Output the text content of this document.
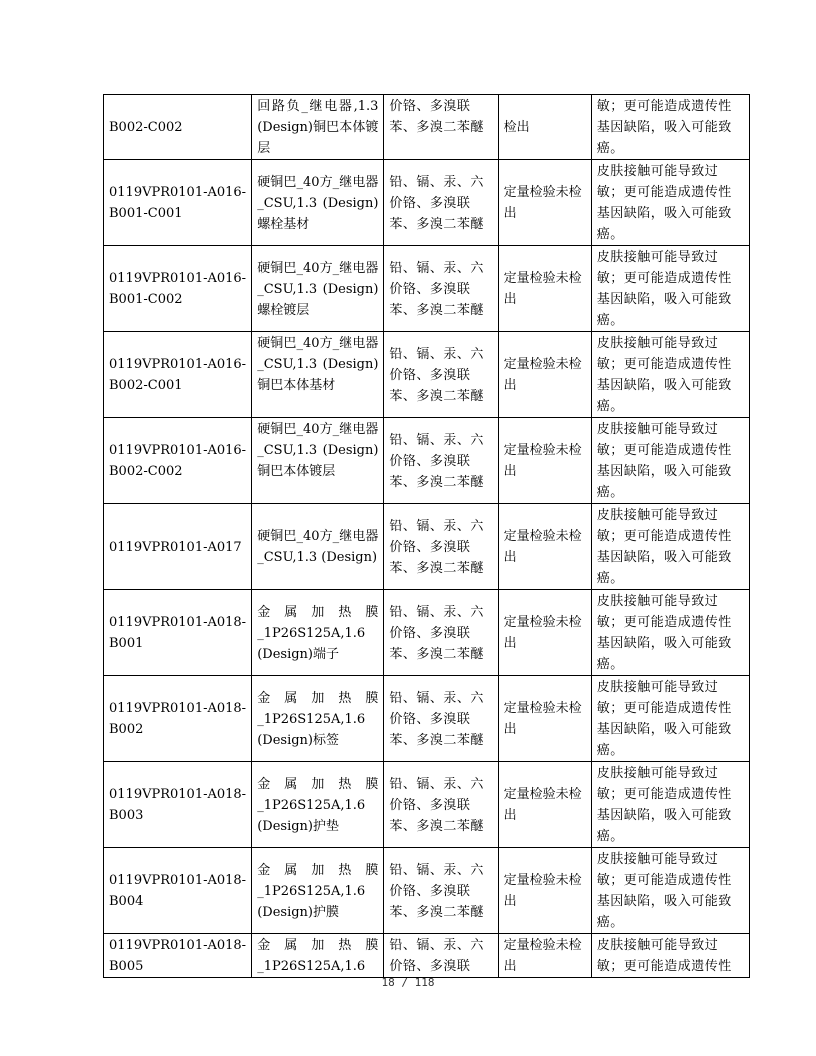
B002-C002	回路负_继电器,1.3 (Design)铜巴本体镀层	价铬、多溴联苯、多溴二苯醚	检出	敏；更可能造成遗传性基因缺陷，吸入可能致癌。
0119VPR0101-A016-B001-C001	硬铜巴_40方_继电器_CSU,1.3 (Design)螺栓基材	铅、镉、汞、六价铬、多溴联苯、多溴二苯醚	定量检验未检出	皮肤接触可能导致过敏；更可能造成遗传性基因缺陷，吸入可能致癌。
0119VPR0101-A016-B001-C002	硬铜巴_40方_继电器_CSU,1.3 (Design)螺栓镀层	铅、镉、汞、六价铬、多溴联苯、多溴二苯醚	定量检验未检出	皮肤接触可能导致过敏；更可能造成遗传性基因缺陷，吸入可能致癌。
0119VPR0101-A016-B002-C001	硬铜巴_40方_继电器_CSU,1.3 (Design)铜巴本体基材	铅、镉、汞、六价铬、多溴联苯、多溴二苯醚	定量检验未检出	皮肤接触可能导致过敏；更可能造成遗传性基因缺陷，吸入可能致癌。
0119VPR0101-A016-B002-C002	硬铜巴_40方_继电器_CSU,1.3 (Design)铜巴本体镀层	铅、镉、汞、六价铬、多溴联苯、多溴二苯醚	定量检验未检出	皮肤接触可能导致过敏；更可能造成遗传性基因缺陷，吸入可能致癌。
0119VPR0101-A017	硬铜巴_40方_继电器_CSU,1.3 (Design)	铅、镉、汞、六价铬、多溴联苯、多溴二苯醚	定量检验未检出	皮肤接触可能导致过敏；更可能造成遗传性基因缺陷，吸入可能致癌。
0119VPR0101-A018-B001	金属加热膜_1P26S125A,1.6 (Design)端子	铅、镉、汞、六价铬、多溴联苯、多溴二苯醚	定量检验未检出	皮肤接触可能导致过敏；更可能造成遗传性基因缺陷，吸入可能致癌。
0119VPR0101-A018-B002	金属加热膜_1P26S125A,1.6 (Design)标签	铅、镉、汞、六价铬、多溴联苯、多溴二苯醚	定量检验未检出	皮肤接触可能导致过敏；更可能造成遗传性基因缺陷，吸入可能致癌。
0119VPR0101-A018-B003	金属加热膜_1P26S125A,1.6 (Design)护垫	铅、镉、汞、六价铬、多溴联苯、多溴二苯醚	定量检验未检出	皮肤接触可能导致过敏；更可能造成遗传性基因缺陷，吸入可能致癌。
0119VPR0101-A018-B004	金属加热膜_1P26S125A,1.6 (Design)护膜	铅、镉、汞、六价铬、多溴联苯、多溴二苯醚	定量检验未检出	皮肤接触可能导致过敏；更可能造成遗传性基因缺陷，吸入可能致癌。
0119VPR0101-A018-B005	金属加热膜_1P26S125A,1.6	铅、镉、汞、六价铬、多溴联	定量检验未检出	皮肤接触可能导致过敏；更可能造成遗传性
18 / 118
